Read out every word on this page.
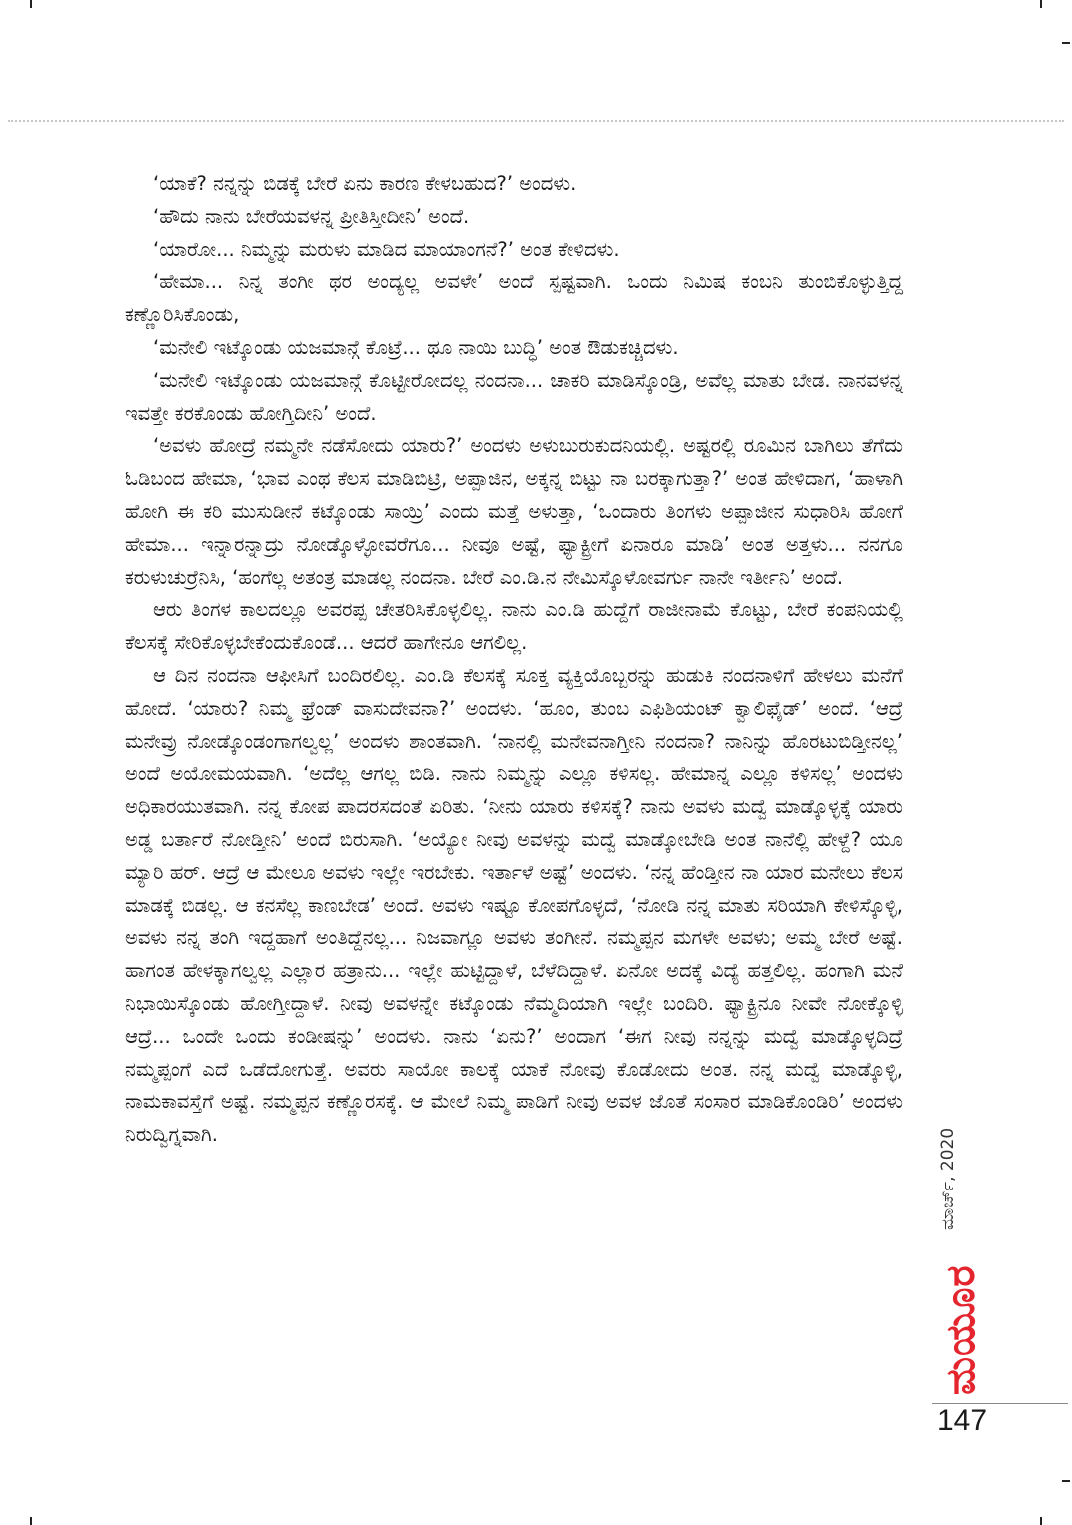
‘ಯಾಕೆ? ನನ್ನನ್ನು ಬಿಡಕ್ಕೆ ಬೇರೆ ಏನು ಕಾರಣ ಕೇಳಬಹುದ?’ ಅಂದಳು.

‘ಹೌದು ನಾನು ಬೇರೆಯವಳನ್ನ ಪ್ರೀತಿಸ್ತೀದೀನಿ’ ಅಂದೆ.

‘ಯಾರೋ... ನಿಮ್ಮನ್ನು ಮರುಳು ಮಾಡಿದ ಮಾಯಾಂಗನೆ?’ ಅಂತ ಕೇಳಿದಳು.

‘ಹೇಮಾ... ನಿನ್ನ ತಂಗೀ ಥರ ಅಂದ್ಯಲ್ಲ ಅವಳೇ’ ಅಂದೆ ಸ್ಪಷ್ಟವಾಗಿ. ಒಂದು ನಿಮಿಷ ಕಂಬನಿ ತುಂಬಿಕೊಳ್ಳುತ್ತಿದ್ದ ಕಣ್ಣೊರಿಸಿಕೊಂಡು,

‘ಮನೇಲಿ ಇಟ್ಕೊಂಡು ಯಜಮಾನ್ಗೆ ಕೊಟ್ರೆ... ಥೂ ನಾಯಿ ಬುದ್ಧಿ’ ಅಂತ ಔಡುಕಚ್ಚಿದಳು.

‘ಮನೇಲಿ ಇಟ್ಕೊಂಡು ಯಜಮಾನ್ಗೆ ಕೊಟ್ಟೀರೋದಲ್ಲ ನಂದನಾ... ಚಾಕರಿ ಮಾಡಿಸ್ಕೊಂಡ್ರಿ, ಅವೆಲ್ಲ ಮಾತು ಬೇಡ. ನಾನವಳನ್ನ ಇವತ್ತೇ ಕರಕೊಂಡು ಹೋಗ್ತಿದೀನಿ’ ಅಂದೆ.

‘ಅವಳು ಹೋದ್ರೆ ನಮ್ಮನೇ ನಡೆಸೋದು ಯಾರು?’ ಅಂದಳು ಅಳುಬುರುಕುದನಿಯಲ್ಲಿ. ಅಷ್ಟರಲ್ಲಿ ರೂಮಿನ ಬಾಗಿಲು ತೆಗೆದು ಓಡಿಬಂದ ಹೇಮಾ, ‘ಭಾವ ಎಂಥ ಕೆಲಸ ಮಾಡಿಬಿಟ್ರಿ, ಅಪ್ಪಾಜಿನ, ಅಕ್ಕನ್ನ ಬಿಟ್ಟು ನಾ ಬರಕ್ಕಾಗುತ್ತಾ?’ ಅಂತ ಹೇಳಿದಾಗ, ‘ಹಾಳಾಗಿ ಹೋಗಿ ಈ ಕರಿ ಮುಸುಡೀನೆ ಕಟ್ಕೊಂಡು ಸಾಯ್ರಿ’ ಎಂದು ಮತ್ತೆ ಅಳುತ್ತಾ, ‘ಒಂದಾರು ತಿಂಗಳು ಅಪ್ಪಾಜೀನ ಸುಧಾರಿಸಿ ಹೋಗೆ ಹೇಮಾ... ಇನ್ನಾರನ್ನಾದ್ರು ನೋಡ್ಕೊಳ್ಳೋವರೆಗೂ... ನೀವೂ ಅಷ್ಟೆ, ಫ್ಯಾಕ್ಟ್ರೀಗೆ ಏನಾರೂ ಮಾಡಿ’ ಅಂತ ಅತ್ತಳು... ನನಗೂ ಕರುಳುಚುರ್ರೆನಿಸಿ, ‘ಹಂಗೆಲ್ಲ ಅತಂತ್ರ ಮಾಡಲ್ಲ ನಂದನಾ. ಬೇರೆ ಎಂ.ಡಿ.ನ ನೇಮಿಸ್ಕೊಳೋವರ್ಗು ನಾನೇ ಇರ್ತೀನಿ’ ಅಂದೆ.

ಆರು ತಿಂಗಳ ಕಾಲದಲ್ಲೂ ಅವರಪ್ಪ ಚೇತರಿಸಿಕೊಳ್ಳಲಿಲ್ಲ. ನಾನು ಎಂ.ಡಿ ಹುದ್ದೆಗೆ ರಾಜೀನಾಮೆ ಕೊಟ್ಟು, ಬೇರೆ ಕಂಪನಿಯಲ್ಲಿ ಕೆಲಸಕ್ಕೆ ಸೇರಿಕೊಳ್ಳಬೇಕೆಂದುಕೊಂಡೆ... ಆದರೆ ಹಾಗೇನೂ ಆಗಲಿಲ್ಲ.

ಆ ದಿನ ನಂದನಾ ಆಫೀಸಿಗೆ ಬಂದಿರಲಿಲ್ಲ. ಎಂ.ಡಿ ಕೆಲಸಕ್ಕೆ ಸೂಕ್ತ ವ್ಯಕ್ತಿಯೊಬ್ಬರನ್ನು ಹುಡುಕಿ ನಂದನಾಳಿಗೆ ಹೇಳಲು ಮನೆಗೆ ಹೋದೆ. ‘ಯಾರು? ನಿಮ್ಮ ಫ್ರೆಂಡ್ ವಾಸುದೇವನಾ?’ ಅಂದಳು. ‘ಹೂಂ, ತುಂಬ ಎಫಿಶಿಯಂಟ್ ಕ್ವಾಲಿಫೈಡ್’ ಅಂದೆ. ‘ಆದ್ರೆ ಮನೇವ್ರು ನೋಡ್ಕೊಂಡಂಗಾಗಲ್ವಲ್ಲ’ ಅಂದಳು ಶಾಂತವಾಗಿ. ‘ನಾನಲ್ಲಿ ಮನೇವನಾಗ್ತೀನಿ ನಂದನಾ? ನಾನಿನ್ನು ಹೊರಟುಬಿಡ್ತೀನಲ್ಲ’ ಅಂದೆ ಅಯೋಮಯವಾಗಿ. ‘ಅದೆಲ್ಲ ಆಗಲ್ಲ ಬಿಡಿ. ನಾನು ನಿಮ್ಮನ್ನು ಎಲ್ಲೂ ಕಳಿಸಲ್ಲ. ಹೇಮಾನ್ನ ಎಲ್ಲೂ ಕಳಿಸಲ್ಲ’ ಅಂದಳು ಅಧಿಕಾರಯುತವಾಗಿ. ನನ್ನ ಕೋಪ ಪಾದರಸದಂತೆ ಏರಿತು. ‘ನೀನು ಯಾರು ಕಳಿಸಕ್ಕೆ? ನಾನು ಅವಳು ಮದ್ವೆ ಮಾಡ್ಕೊಳ್ಳಕ್ಕೆ ಯಾರು ಅಡ್ಡ ಬರ್ತಾರೆ ನೋಡ್ತೀನಿ’ ಅಂದೆ ಬಿರುಸಾಗಿ. ‘ಅಯ್ಯೋ ನೀವು ಅವಳನ್ನು ಮದ್ವೆ ಮಾಡ್ಕೋಬೇಡಿ ಅಂತ ನಾನೆಲ್ಲಿ ಹೇಳ್ದೆ? ಯೂ ಮ್ಯಾರಿ ಹರ್. ಆದ್ರೆ ಆ ಮೇಲೂ ಅವಳು ಇಲ್ಲೇ ಇರಬೇಕು. ಇರ್ತಾಳೆ ಅಷ್ಟೆ’ ಅಂದಳು. ‘ನನ್ನ ಹೆಂಡ್ತೀನ ನಾ ಯಾರ ಮನೇಲು ಕೆಲಸ ಮಾಡಕ್ಕೆ ಬಿಡಲ್ಲ. ಆ ಕನಸೆಲ್ಲ ಕಾಣಬೇಡ’ ಅಂದೆ. ಅವಳು ಇಷ್ಟೂ ಕೋಪಗೊಳ್ಳದೆ, ‘ನೋಡಿ ನನ್ನ ಮಾತು ಸರಿಯಾಗಿ ಕೇಳಿಸ್ಕೊಳ್ಳಿ, ಅವಳು ನನ್ನ ತಂಗಿ ಇದ್ದಹಾಗೆ ಅಂತಿದ್ದೆನಲ್ಲ... ನಿಜವಾಗ್ಲೂ ಅವಳು ತಂಗೀನೆ. ನಮ್ಮಪ್ಪನ ಮಗಳೇ ಅವಳು; ಅಮ್ಮ ಬೇರೆ ಅಷ್ಟೆ. ಹಾಗಂತ ಹೇಳಕ್ಕಾಗಲ್ವಲ್ಲ ಎಲ್ಲಾರ ಹತ್ರಾನು... ಇಲ್ಲೇ ಹುಟ್ಟಿದ್ದಾಳೆ, ಬೆಳೆದಿದ್ದಾಳೆ. ಏನೋ ಅದಕ್ಕೆ ವಿದ್ಯೆ ಹತ್ತಲಿಲ್ಲ. ಹಂಗಾಗಿ ಮನೆ ನಿಭಾಯಿಸ್ಕೊಂಡು ಹೋಗ್ತೀದ್ದಾಳೆ. ನೀವು ಅವಳನ್ನೇ ಕಟ್ಕೊಂಡು ನೆಮ್ಮದಿಯಾಗಿ ಇಲ್ಲೇ ಬಂದಿರಿ. ಫ್ಯಾಕ್ಟ್ರಿನೂ ನೀವೇ ನೋಕ್ಕೊಳ್ಳಿ ಆದ್ರೆ... ಒಂದೇ ಒಂದು ಕಂಡೀಷನ್ನು’ ಅಂದಳು. ನಾನು ‘ಏನು?’ ಅಂದಾಗ ‘ಈಗ ನೀವು ನನ್ನನ್ನು ಮದ್ವೆ ಮಾಡ್ಕೊಳ್ಳದಿದ್ರೆ ನಮ್ಮಪ್ಪಂಗೆ ಎದೆ ಒಡೆದೋಗುತ್ತೆ. ಅವರು ಸಾಯೋ ಕಾಲಕ್ಕೆ ಯಾಕೆ ನೋವು ಕೊಡೋದು ಅಂತ. ನನ್ನ ಮದ್ವೆ ಮಾಡ್ಕೊಳ್ಳಿ, ನಾಮಕಾವಸ್ತೆಗೆ ಅಷ್ಟೆ. ನಮ್ಮಪ್ಪನ ಕಣ್ಣೊರಸಕ್ಕೆ. ಆ ಮೇಲೆ ನಿಮ್ಮ ಪಾಡಿಗೆ ನೀವು ಅವಳ ಜೊತೆ ಸಂಸಾರ ಮಾಡಿಕೊಂಡಿರಿ’ ಅಂದಳು ನಿರುದ್ವಿಗ್ನವಾಗಿ.	ಮಾರ್ಚ್, 2020
ಮಯೂರ
147
